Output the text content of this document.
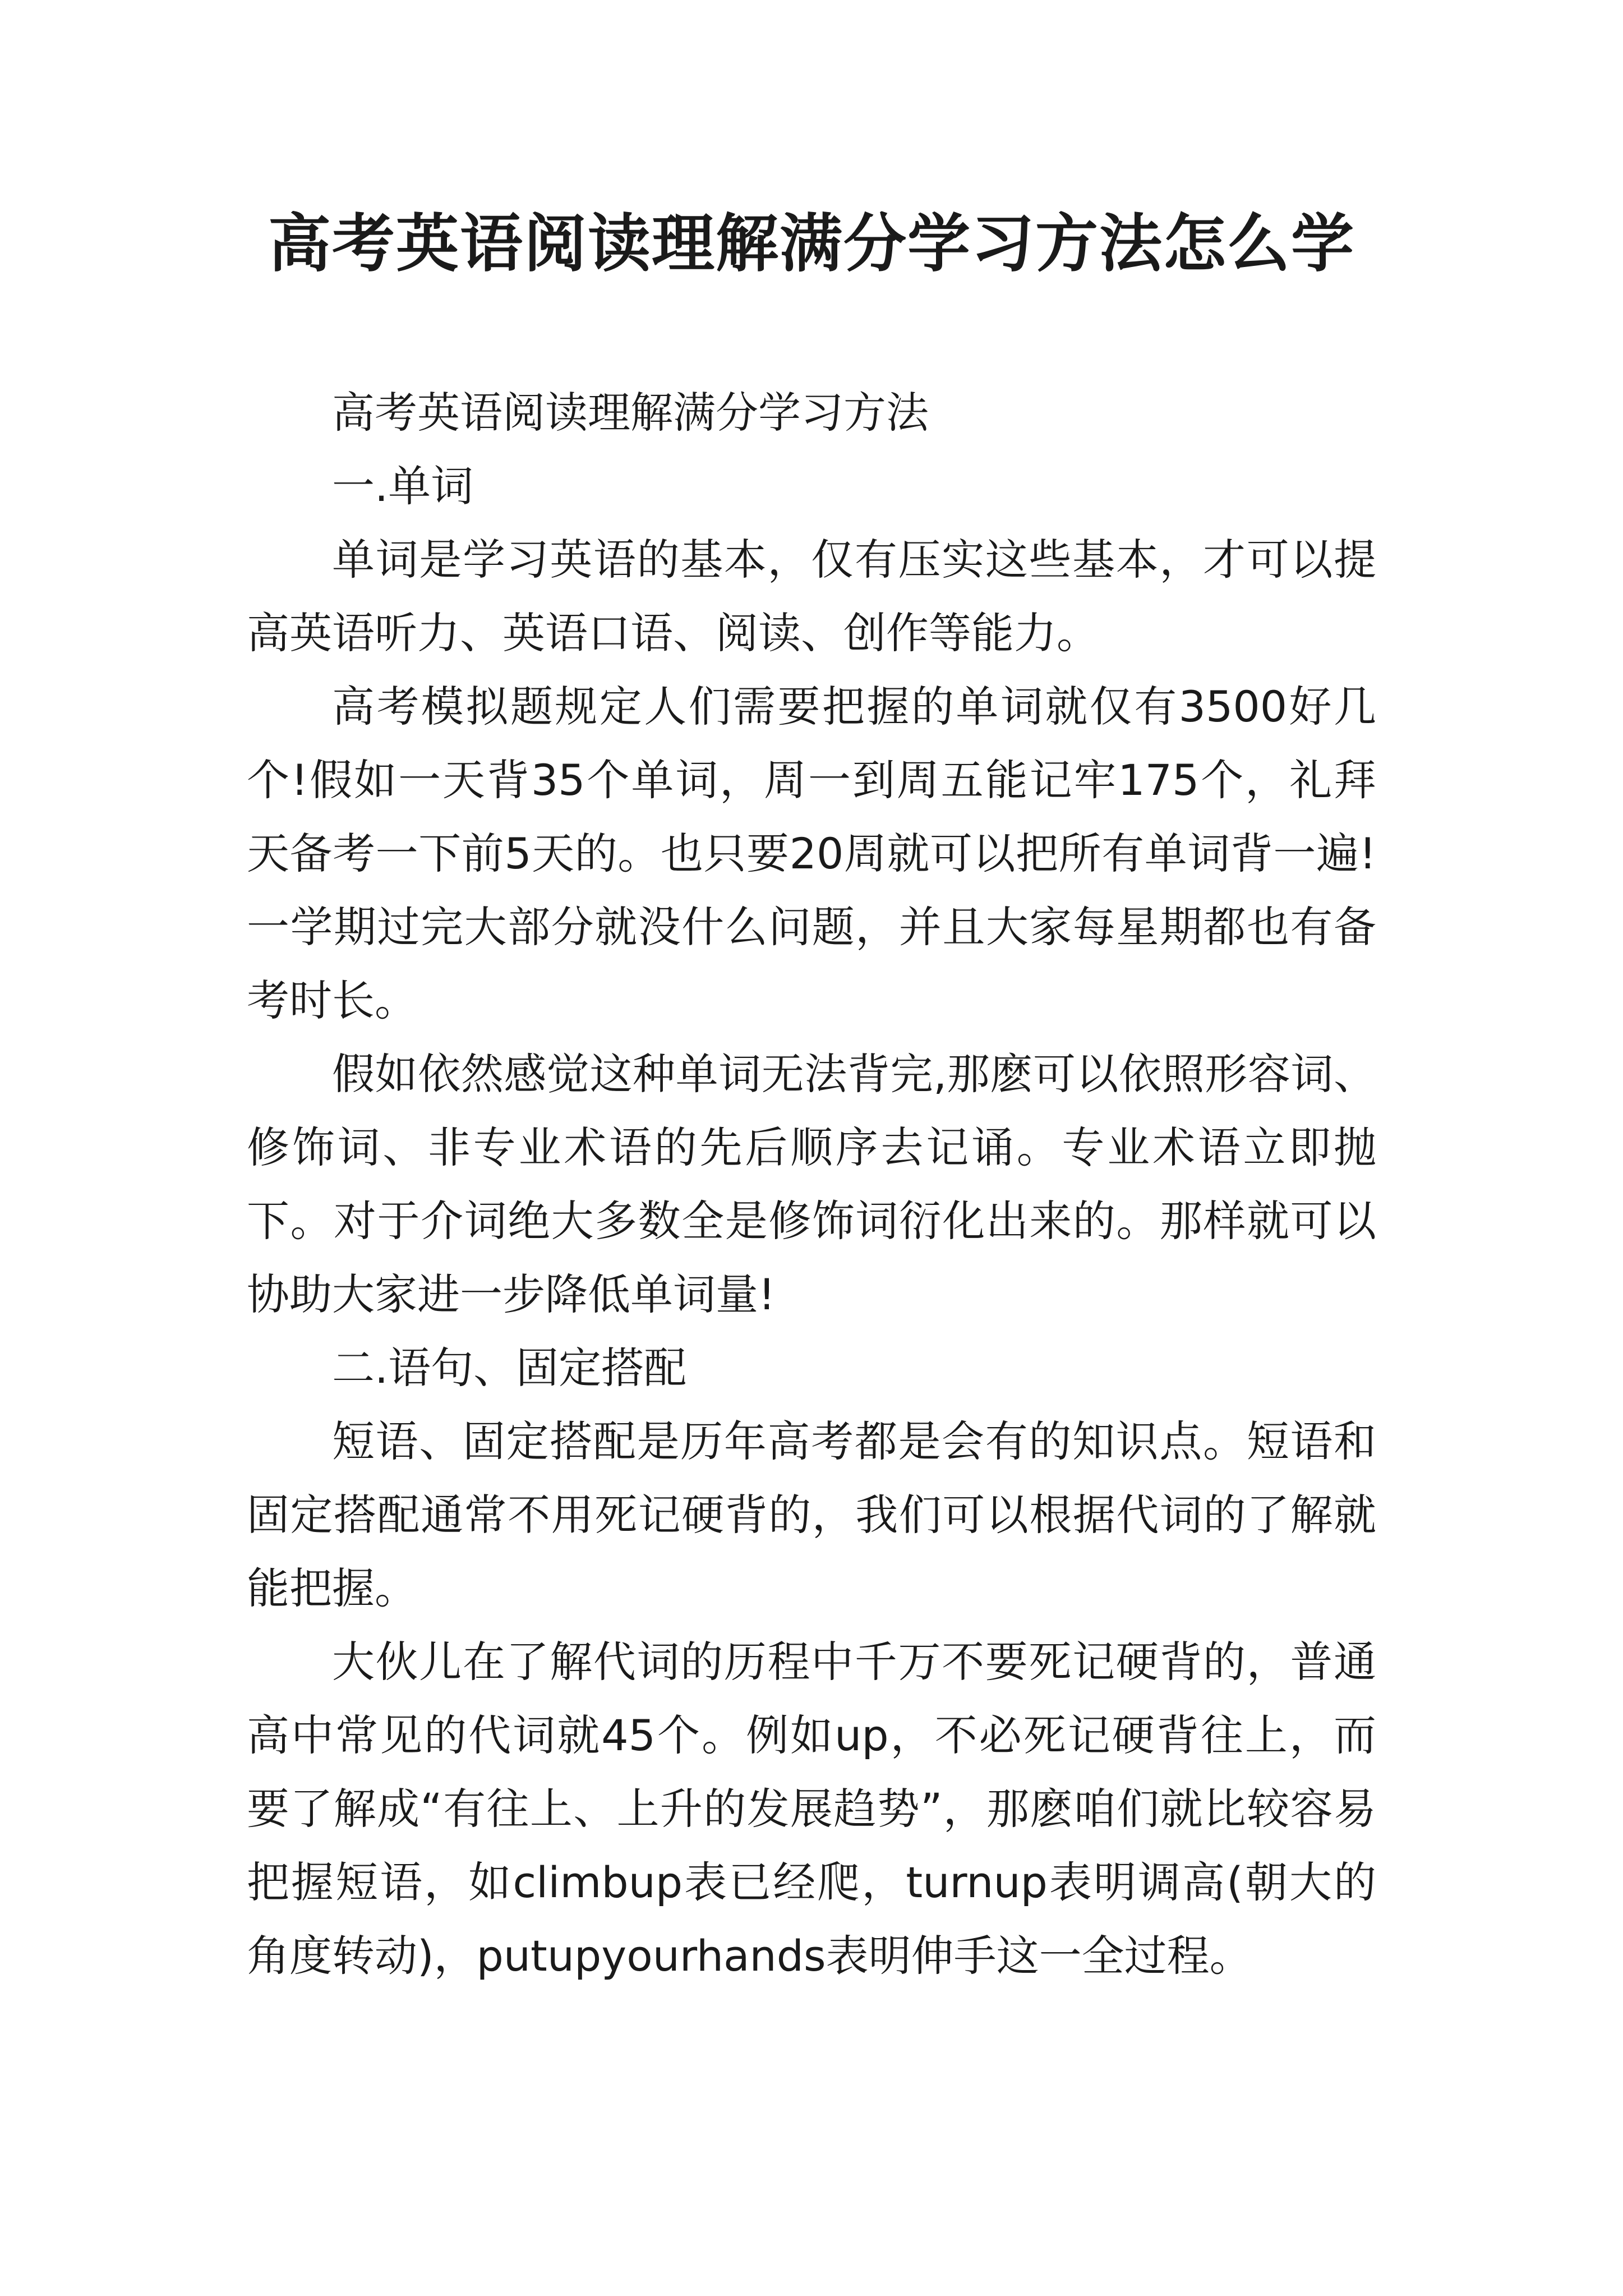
高考英语阅读理解满分学习方法怎么学

高考英语阅读理解满分学习方法

一.单词

单词是学习英语的基本，仅有压实这些基本，才可以提高英语听力、英语口语、阅读、创作等能力。

高考模拟题规定人们需要把握的单词就仅有3500好几个!假如一天背35个单词，周一到周五能记牢175个，礼拜天备考一下前5天的。也只要20周就可以把所有单词背一遍!一学期过完大部分就没什么问题，并且大家每星期都也有备考时长。

假如依然感觉这种单词无法背完,那麽可以依照形容词、修饰词、非专业术语的先后顺序去记诵。专业术语立即抛下。对于介词绝大多数全是修饰词衍化出来的。那样就可以协助大家进一步降低单词量!

二.语句、固定搭配

短语、固定搭配是历年高考都是会有的知识点。短语和固定搭配通常不用死记硬背的，我们可以根据代词的了解就能把握。

大伙儿在了解代词的历程中千万不要死记硬背的，普通高中常见的代词就45个。例如up，不必死记硬背往上，而要了解成“有往上、上升的发展趋势”，那麽咱们就比较容易把握短语，如climbup表已经爬，turnup表明调高(朝大的角度转动)，putupyourhands表明伸手这一全过程。
